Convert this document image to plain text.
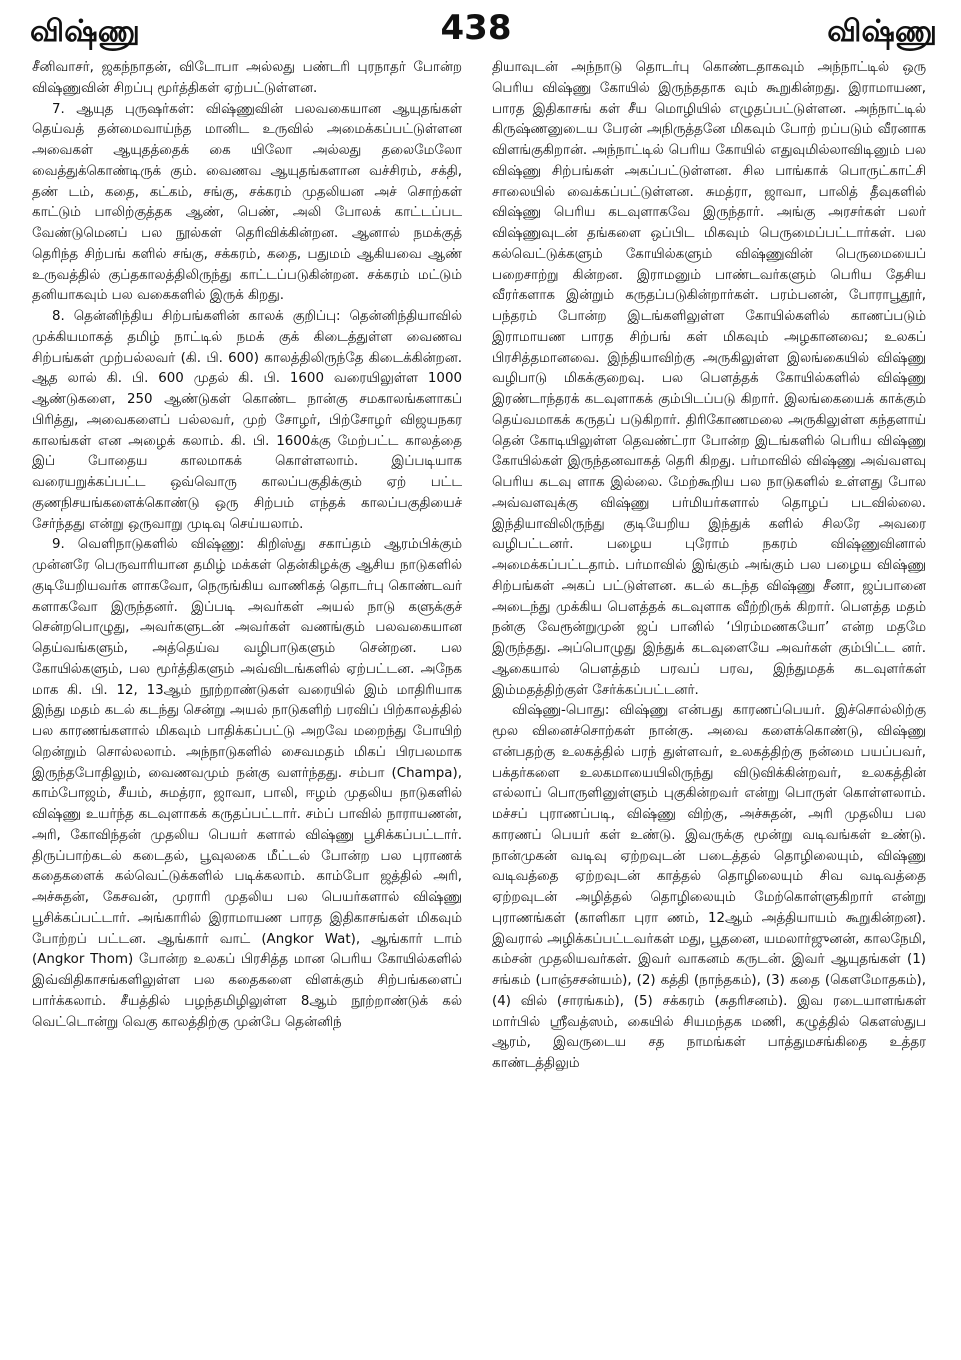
விஷ்ணு	438	விஷ்ணு

சீனிவாசர், ஜகந்நாதன், விடோபா அல்லது பண்டரி புரநாதர் போன்ற விஷ்ணுவின் சிறப்பு மூர்த்திகள் ஏற்பட்டுள்ளன.

7. ஆயுத புருஷர்கள்: விஷ்ணுவின் பலவகையான ஆயுதங்கள் தெய்வத் தன்மைவாய்ந்த மானிட உருவில் அமைக்கப்பட்டுள்ளன அவைகள் ஆயுதத்தைக் கை யிலோ அல்லது தலைமேலோ வைத்துக்கொண்டிருக் கும். வைணவ ஆயுதங்களான வச்சிரம், சக்தி, தண் டம், கதை, கட்கம், சங்கு, சக்கரம் முதலியன அச் சொற்கள் காட்டும் பாலிற்குத்தக ஆண், பெண், அலி போலக் காட்டப்பட வேண்டுமெனப் பல நூல்கள் தெரிவிக்கின்றன. ஆனால் நமக்குத் தெரிந்த சிற்பங் களில் சங்கு, சக்கரம், கதை, பதுமம் ஆகியவை ஆண் உருவத்தில் குப்தகாலத்திலிருந்து காட்டப்படுகின்றன. சக்கரம் மட்டும் தனியாகவும் பல வகைகளில் இருக் கிறது.

8. தென்னிந்திய சிற்பங்களின் காலக் குறிப்பு: தென்னிந்தியாவில் முக்கியமாகத் தமிழ் நாட்டில் நமக் குக் கிடைத்துள்ள வைணவ சிற்பங்கள் முற்பல்லவர் (கி. பி. 600) காலத்திலிருந்தே கிடைக்கின்றன. ஆத லால் கி. பி. 600 முதல் கி. பி. 1600 வரையிலுள்ள 1000 ஆண்டுகளை, 250 ஆண்டுகள் கொண்ட நான்கு சமகாலங்களாகப் பிரித்து, அவைகளைப் பல்லவர், முற் சோழர், பிற்சோழர் விஜயநகர காலங்கள் என அழைக் கலாம். கி. பி. 1600க்கு மேற்பட்ட காலத்தை இப் போதைய காலமாகக் கொள்ளலாம். இப்படியாக வரையறுக்கப்பட்ட ஒவ்வொரு காலப்பகுதிக்கும் ஏற் பட்ட குணநிசயங்களைக்கொண்டு ஒரு சிற்பம் எந்தக் காலப்பகுதியைச் சேர்ந்தது என்று ஒருவாறு முடிவு செய்யலாம்.

9. வெளிநாடுகளில் விஷ்ணு: கிறிஸ்து சகாப்தம் ஆரம்பிக்கும் முன்னரே பெருவாரியான தமிழ் மக்கள் தென்கிழக்கு ஆசிய நாடுகளில் குடியேறியவர்க ளாகவோ, நெருங்கிய வாணிகத் தொடர்பு கொண்டவர் களாகவோ இருந்தனர். இப்படி அவர்கள் அயல் நாடு களுக்குச் சென்றபொழுது, அவர்களுடன் அவர்கள் வணங்கும் பலவகையான தெய்வங்களும், அத்தெய்வ வழிபாடுகளும் சென்றன. பல கோயில்களும், பல மூர்த்திகளும் அவ்விடங்களில் ஏற்பட்டன. அநேக மாக கி. பி. 12, 13ஆம் நூற்றாண்டுகள் வரையில் இம் மாதிரியாக இந்து மதம் கடல் கடந்து சென்று அயல் நாடுகளிற் பரவிப் பிற்காலத்தில் பல காரணங்களால் மிகவும் பாதிக்கப்பட்டு அறவே மறைந்து போயிற் றென்றும் சொல்லலாம். அந்நாடுகளில் சைவமதம் மிகப் பிரபலமாக இருந்தபோதிலும், வைணவமும் நன்கு வளர்ந்தது. சம்பா (Champa), காம்போஜம், சீயம், சுமத்ரா, ஜாவா, பாலி, ஈழம் முதலிய நாடுகளில் விஷ்ணு உயர்ந்த கடவுளாகக் கருதப்பட்டார். சம்ப் பாவில் நாராயணன், அரி, கோவிந்தன் முதலிய பெயர் களால் விஷ்ணு பூசிக்கப்பட்டார். திருப்பாற்கடல் கடைதல், பூவுலகை மீட்டல் போன்ற பல புராணக் கதைகளைக் கல்வெட்டுக்களில் படிக்கலாம். காம்போ ஜத்தில் அரி, அச்சுதன், கேசவன், முராரி முதலிய பல பெயர்களால் விஷ்ணு பூசிக்கப்பட்டார். அங்காரில் இராமாயண பாரத இதிகாசங்கள் மிகவும் போற்றப் பட்டன. ஆங்கார் வாட் (Angkor Wat), ஆங்கார் டாம் (Angkor Thom) போன்ற உலகப் பிரசித்த மான பெரிய கோயில்களில் இவ்விதிகாசங்களிலுள்ள பல கதைகளை விளக்கும் சிற்பங்களைப் பார்க்கலாம். சீயத்தில் பழந்தமிழிலுள்ள 8ஆம் நூற்றாண்டுக் கல் வெட்டொன்று வெகு காலத்திற்கு முன்பே தென்னிந்

தியாவுடன் அந்நாடு தொடர்பு கொண்டதாகவும் அந்நாட்டில் ஒரு பெரிய விஷ்ணு கோயில் இருந்ததாக வும் கூறுகின்றது. இராமாயண, பாரத இதிகாசங் கள் சீய மொழியில் எழுதப்பட்டுள்ளன. அந்நாட்டில் கிருஷ்ணனுடைய பேரன் அநிருத்தனே மிகவும் போற் றப்படும் வீரனாக விளங்குகிறான். அந்நாட்டில் பெரிய கோயில் எதுவுமில்லாவிடினும் பல விஷ்ணு சிற்பங்கள் அகப்பட்டுள்ளன. சில பாங்காக் பொருட்காட்சி சாலையில் வைக்கப்பட்டுள்ளன. சுமத்ரா, ஜாவா, பாலித் தீவுகளில் விஷ்ணு பெரிய கடவுளாகவே இருந்தார். அங்கு அரசர்கள் பலர் விஷ்ணுவுடன் தங்களை ஒப்பிட மிகவும் பெருமைப்பட்டார்கள். பல கல்வெட்டுக்களும் கோயில்களும் விஷ்ணுவின் பெருமையைப் பறைசாற்று கின்றன. இராமனும் பாண்டவர்களும் பெரிய தேசிய வீரர்களாக இன்றும் கருதப்படுகின்றார்கள். பரம்பனன், போராபூதூர், பந்தரம் போன்ற இடங்களிலுள்ள கோயில்களில் காணப்படும் இராமாயண பாரத சிற்பங் கள் மிகவும் அழகானவை; உலகப் பிரசித்தமானவை. இந்தியாவிற்கு அருகிலுள்ள இலங்கையில் விஷ்ணு வழிபாடு மிகக்குறைவு. பல பௌத்தக் கோயில்களில் விஷ்ணு இரண்டாந்தரக் கடவுளாகக் கும்பிடப்படு கிறார். இலங்கையைக் காக்கும் தெய்வமாகக் கருதப் படுகிறார். திரிகோணமலை அருகிலுள்ள கந்தளாய் தென் கோடியிலுள்ள தெவண்ட்ரா போன்ற இடங்களில் பெரிய விஷ்ணு கோயில்கள் இருந்தனவாகத் தெரி கிறது. பர்மாவில் விஷ்ணு அவ்வளவு பெரிய கடவு ளாக இல்லை. மேற்கூறிய பல நாடுகளில் உள்ளது போல அவ்வளவுக்கு விஷ்ணு பர்மியர்களால் தொழப் படவில்லை. இந்தியாவிலிருந்து குடியேறிய இந்துக் களில் சிலரே அவரை வழிபட்டனர். பழைய புரோம் நகரம் விஷ்ணுவினால் அமைக்கப்பட்டதாம். பர்மாவில் இங்கும் அங்கும் பல பழைய விஷ்ணு சிற்பங்கள் அகப் பட்டுள்ளன. கடல் கடந்த விஷ்ணு சீனா, ஜப்பானை அடைந்து முக்கிய பௌத்தக் கடவுளாக வீற்றிருக் கிறார். பௌத்த மதம் நன்கு வேரூன்றுமுன் ஜப் பானில் ‘பிரம்மணகயோ’ என்ற மதமே இருந்தது. அப்பொழுது இந்துக் கடவுளையே அவர்கள் கும்பிட்ட னர். ஆகையால் பௌத்தம் பரவப் பரவ, இந்துமதக் கடவுளர்கள் இம்மதத்திற்குள் சேர்க்கப்பட்டனர்.

விஷ்ணு-பொது: விஷ்ணு என்பது காரணப்பெயர். இச்சொல்லிற்கு மூல வினைச்சொற்கள் நான்கு. அவை களைக்கொண்டு, விஷ்ணு என்பதற்கு உலகத்தில் பரந் துள்ளவர், உலகத்திற்கு நன்மை பயப்பவர், பக்தர்களை உலகமாயையிலிருந்து விடுவிக்கின்றவர், உலகத்தின் எல்லாப் பொருளினுள்ளும் புகுகின்றவர் என்று பொருள் கொள்ளலாம். மச்சப் புராணப்படி, விஷ்ணு விற்கு, அச்சுதன், அரி முதலிய பல காரணப் பெயர் கள் உண்டு. இவருக்கு மூன்று வடிவங்கள் உண்டு. நான்முகன் வடிவு ஏற்றவுடன் படைத்தல் தொழிலையும், விஷ்ணு வடிவத்தை ஏற்றவுடன் காத்தல் தொழிலையும் சிவ வடிவத்தை ஏற்றவுடன் அழித்தல் தொழிலையும் மேற்கொள்ளுகிறார் என்று புராணங்கள் (காளிகா புரா ணம், 12ஆம் அத்தியாயம் கூறுகின்றன). இவரால் அழிக்கப்பட்டவர்கள் மது, பூதனை, யமலார்ஜுனன், காலநேமி, கம்சன் முதலியவர்கள். இவர் வாகனம் கருடன். இவர் ஆயுதங்கள் (1) சங்கம் (பாஞ்சசன்யம்), (2) கத்தி (நாந்தகம்), (3) கதை (கௌமோதகம்), (4) வில் (சாரங்கம்), (5) சக்கரம் (சுதரிசனம்). இவ ரடையாளங்கள் மார்பில் ஸ்ரீவத்ஸம், கையில் சியமந்தக மணி, கழுத்தில் கௌஸ்துப ஆரம், இவருடைய சத நாமங்கள் பாத்துமசங்கிதை உத்தர காண்டத்திலும்
